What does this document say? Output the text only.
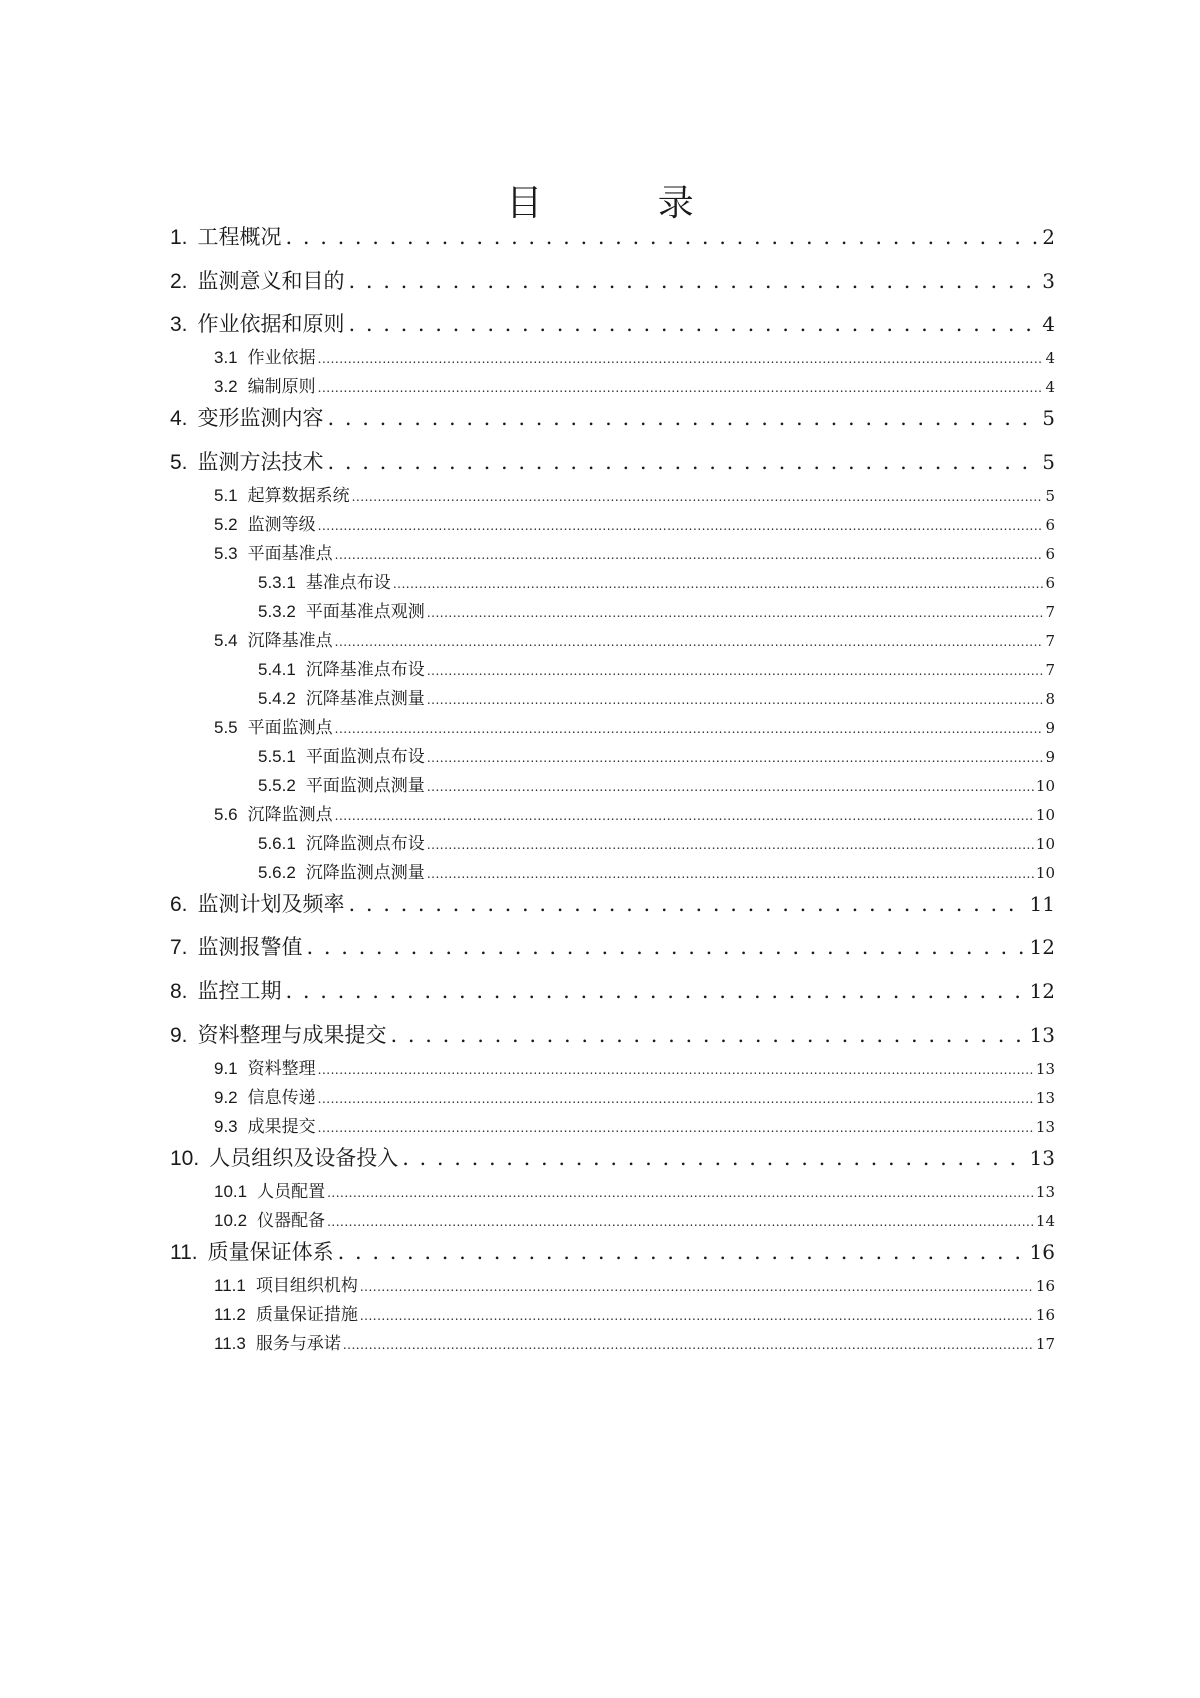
目 录
1. 工程概况 . . .	2
2. 监测意义和目的 . . .	3
3. 作业依据和原则 . . .	4
3.1 作业依据 .....	4
3.2 编制原则 .....	4
4. 变形监测内容 . . .	5
5. 监测方法技术 . . .	5
5.1 起算数据系统 .....	5
5.2 监测等级 .....	6
5.3 平面基准点 .....	6
5.3.1 基准点布设 .....	6
5.3.2 平面基准点观测 .....	7
5.4 沉降基准点 .....	7
5.4.1 沉降基准点布设 .....	7
5.4.2 沉降基准点测量 .....	8
5.5 平面监测点 .....	9
5.5.1 平面监测点布设 .....	9
5.5.2 平面监测点测量 .....	10
5.6 沉降监测点 .....	10
5.6.1 沉降监测点布设 .....	10
5.6.2 沉降监测点测量 .....	10
6. 监测计划及频率 . . .	11
7. 监测报警值 . . .	12
8. 监控工期 . . .	12
9. 资料整理与成果提交 . . .	13
9.1 资料整理 .....	13
9.2 信息传递 .....	13
9.3 成果提交 .....	13
10. 人员组织及设备投入 . . .	13
10.1 人员配置 .....	13
10.2 仪器配备 .....	14
11. 质量保证体系 . . .	16
11.1 项目组织机构 .....	16
11.2 质量保证措施 .....	16
11.3 服务与承诺 .....	17
